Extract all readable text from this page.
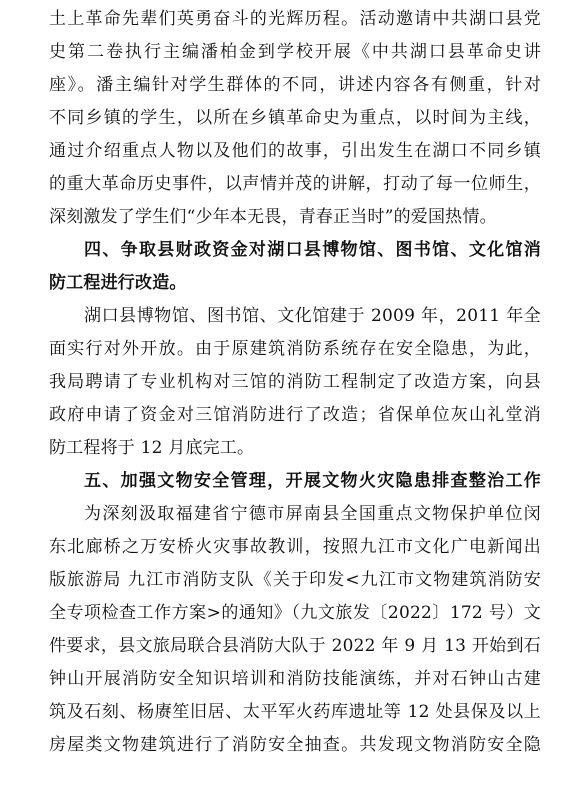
土上革命先辈们英勇奋斗的光辉历程。活动邀请中共湖口县党
史第二卷执行主编潘柏金到学校开展《中共湖口县革命史讲
座》。潘主编针对学生群体的不同，讲述内容各有侧重，针对
不同乡镇的学生，以所在乡镇革命史为重点，以时间为主线，
通过介绍重点人物以及他们的故事，引出发生在湖口不同乡镇
的重大革命历史事件，以声情并茂的讲解，打动了每一位师生，
深刻激发了学生们“少年本无畏，青春正当时”的爱国热情。
四、争取县财政资金对湖口县博物馆、图书馆、文化馆消
防工程进行改造。
湖口县博物馆、图书馆、文化馆建于 2009 年，2011 年全
面实行对外开放。由于原建筑消防系统存在安全隐患，为此，
我局聘请了专业机构对三馆的消防工程制定了改造方案，向县
政府申请了资金对三馆消防进行了改造；省保单位灰山礼堂消
防工程将于 12 月底完工。
五、加强文物安全管理，开展文物火灾隐患排查整治工作
为深刻汲取福建省宁德市屏南县全国重点文物保护单位闵
东北廊桥之万安桥火灾事故教训，按照九江市文化广电新闻出
版旅游局 九江市消防支队《关于印发<九江市文物建筑消防安
全专项检查工作方案>的通知》（九文旅发〔2022〕172 号）文
件要求，县文旅局联合县消防大队于 2022 年 9 月 13 开始到石
钟山开展消防安全知识培训和消防技能演练，并对石钟山古建
筑及石刻、杨赓笙旧居、太平军火药库遗址等 12 处县保及以上
房屋类文物建筑进行了消防安全抽查。共发现文物消防安全隐
